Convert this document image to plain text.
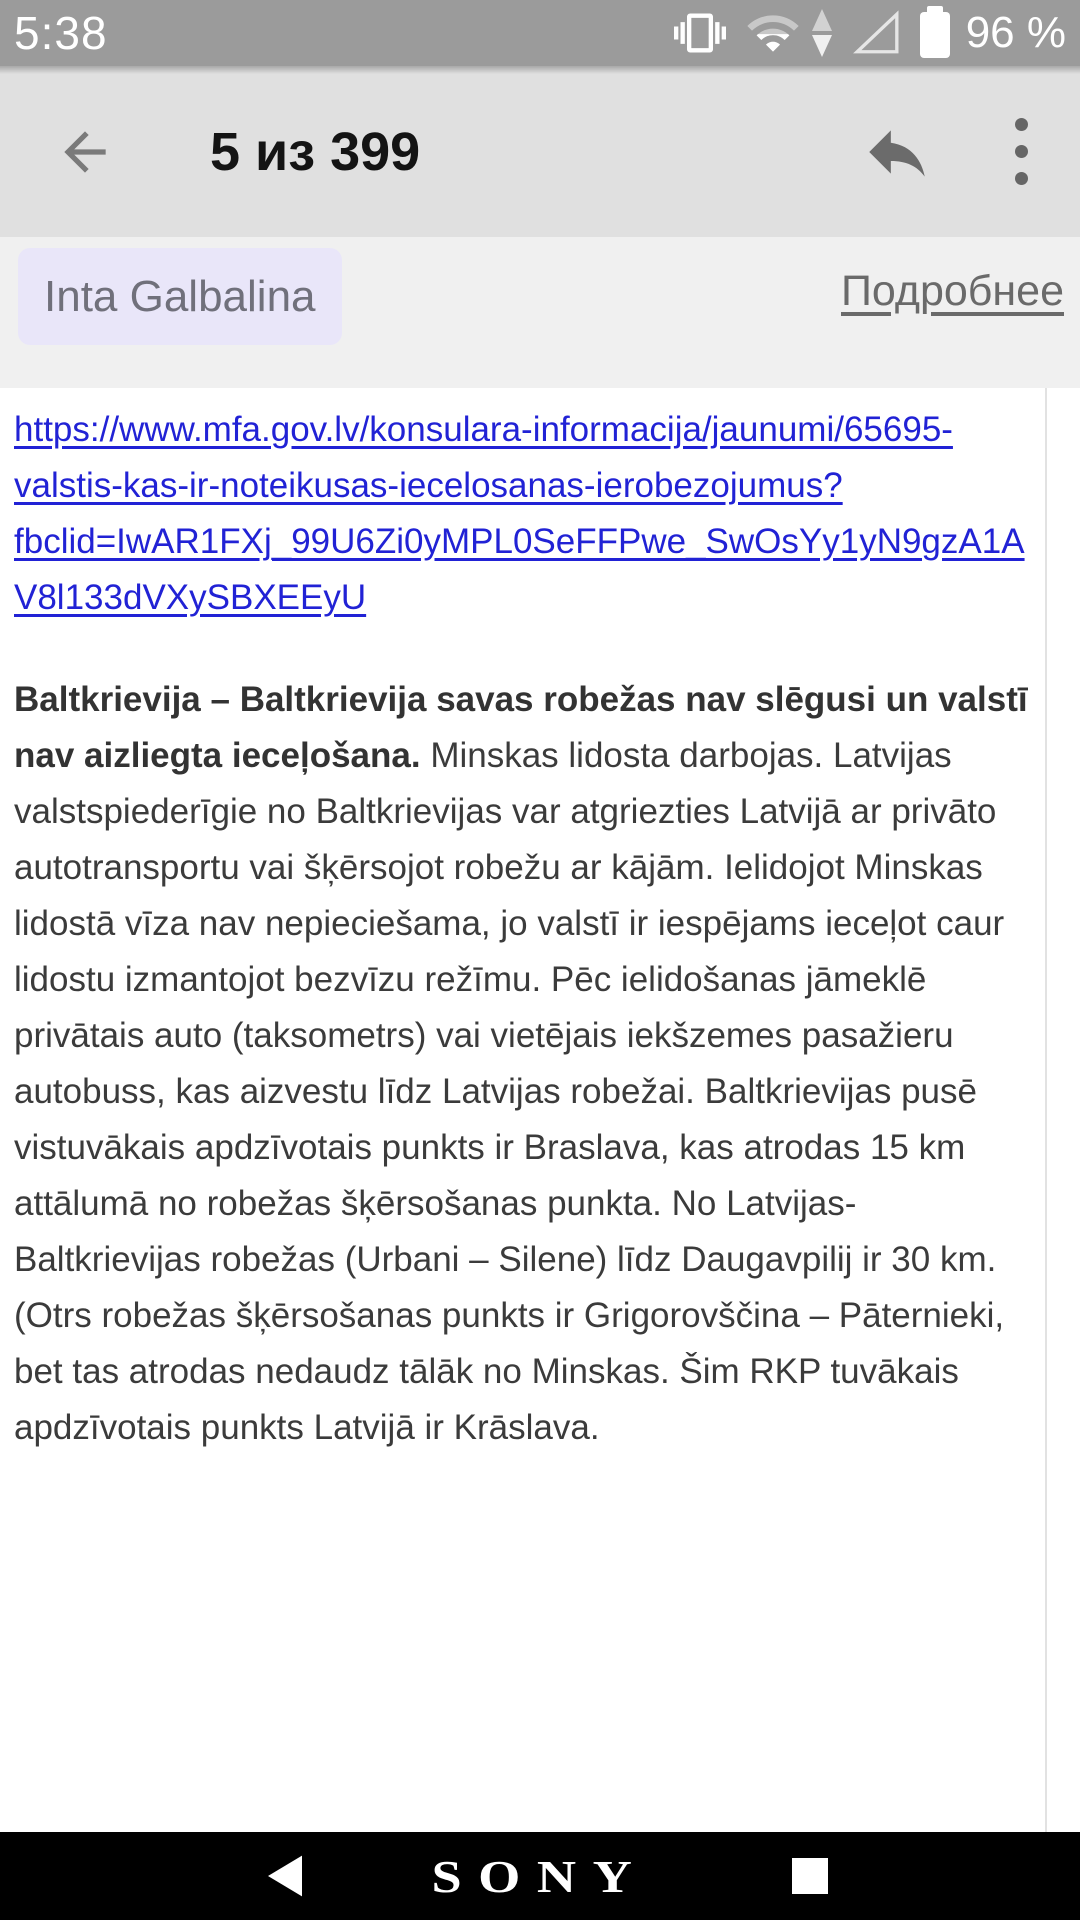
5:38	96 %
5 из 399
Inta Galbalina	Подробнее
https://www.mfa.gov.lv/konsulara-informacija/jaunumi/65695-valstis-kas-ir-noteikusas-iecelosanas-ierobezojumus?fbclid=IwAR1FXj_99U6Zi0yMPL0SeFFPwe_SwOsYy1yN9gzA1AV8l133dVXySBXEEyU

Baltkrievija – Baltkrievija savas robežas nav slēgusi un valstī nav aizliegta ieceļošana. Minskas lidosta darbojas. Latvijas valstspiederīgie no Baltkrievijas var atgriezties Latvijā ar privāto autotransportu vai šķērsojot robežu ar kājām. Ielidojot Minskas lidostā vīza nav nepieciešama, jo valstī ir iespējams ieceļot caur lidostu izmantojot bezvīzu režīmu. Pēc ielidošanas jāmeklē privātais auto (taksometrs) vai vietējais iekšzemes pasažieru autobuss, kas aizvestu līdz Latvijas robežai. Baltkrievijas pusē vistuvākais apdzīvotais punkts ir Braslava, kas atrodas 15 km attālumā no robežas šķērsošanas punkta. No Latvijas-Baltkrievijas robežas (Urbani – Silene) līdz Daugavpilij ir 30 km. (Otrs robežas šķērsošanas punkts ir Grigorovščina – Pāternieki, bet tas atrodas nedaudz tālāk no Minskas. Šim RKP tuvākais apdzīvotais punkts Latvijā ir Krāslava.

SONY
